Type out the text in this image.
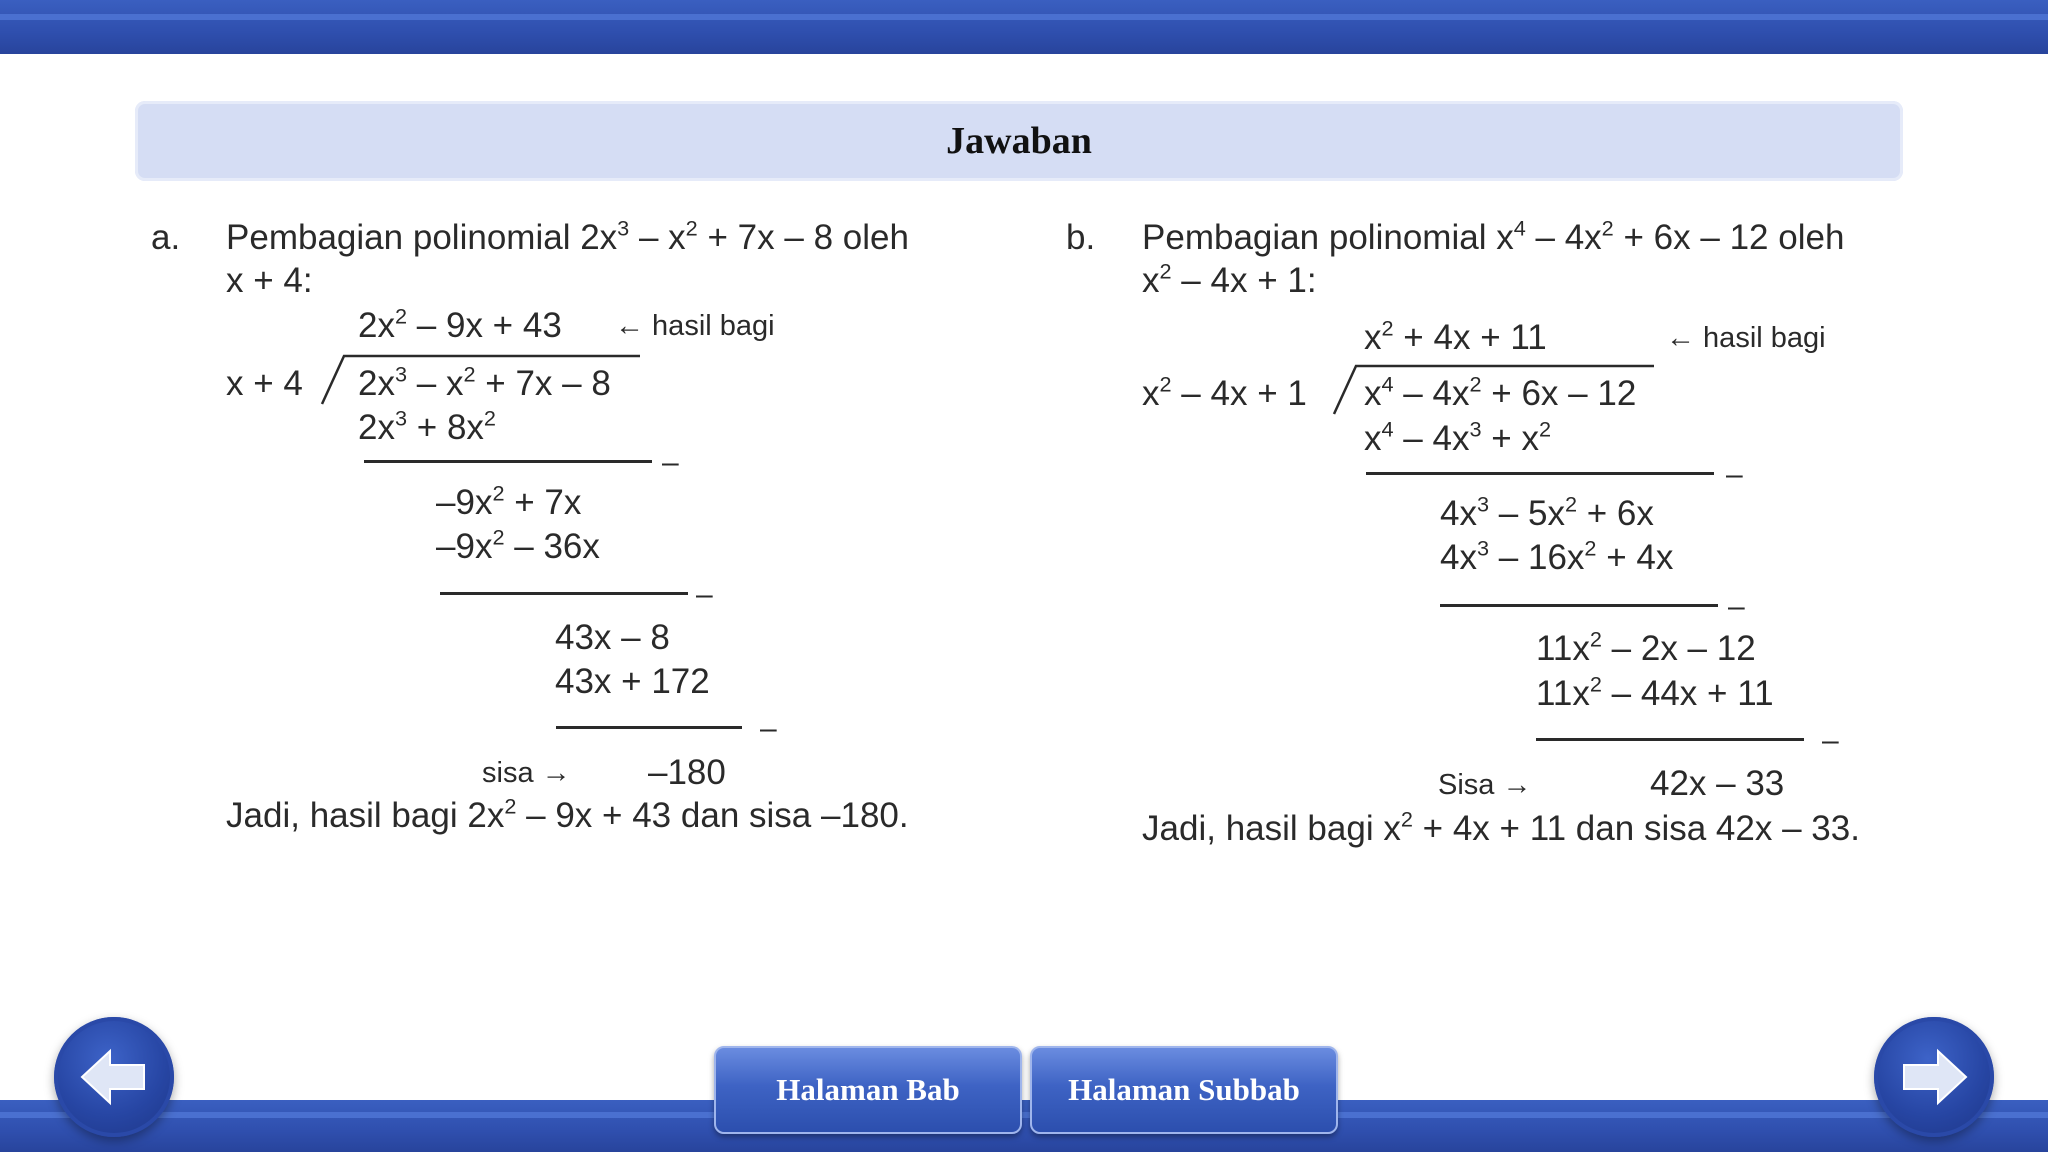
Jawaban
a. Pembagian polinomial $2x^3 - x^2 + 7x - 8$ oleh
x + 4:
$2x^2 - 9x + 43$ ← hasil bagi
x + 4 $2x^3 - x^2 + 7x - 8$
$2x^3 + 8x^2$
–
$-9x^2 + 7x$
$-9x^2 - 36x$
–
43x – 8
43x + 172
–
sisa → –180
Jadi, hasil bagi $2x^2 - 9x + 43$ dan sisa –180.
b. Pembagian polinomial $x^4 - 4x^2 + 6x - 12$ oleh
$x^2 - 4x + 1$:
$x^2 + 4x + 11$	← hasil bagi
$x^2 - 4x + 1$ $x^4 - 4x^2 + 6x - 12$
$x^4 - 4x^3 + x^2$
–
$4x^3 - 5x^2 + 6x$
$4x^3 - 16x^2 + 4x$
–
$11x^2 - 2x - 12$
$11x^2 - 44x + 11$
–
Sisa →	42x – 33
Jadi, hasil bagi $x^2 + 4x + 11$ dan sisa 42x – 33.
Halaman Bab	Halaman Subbab
